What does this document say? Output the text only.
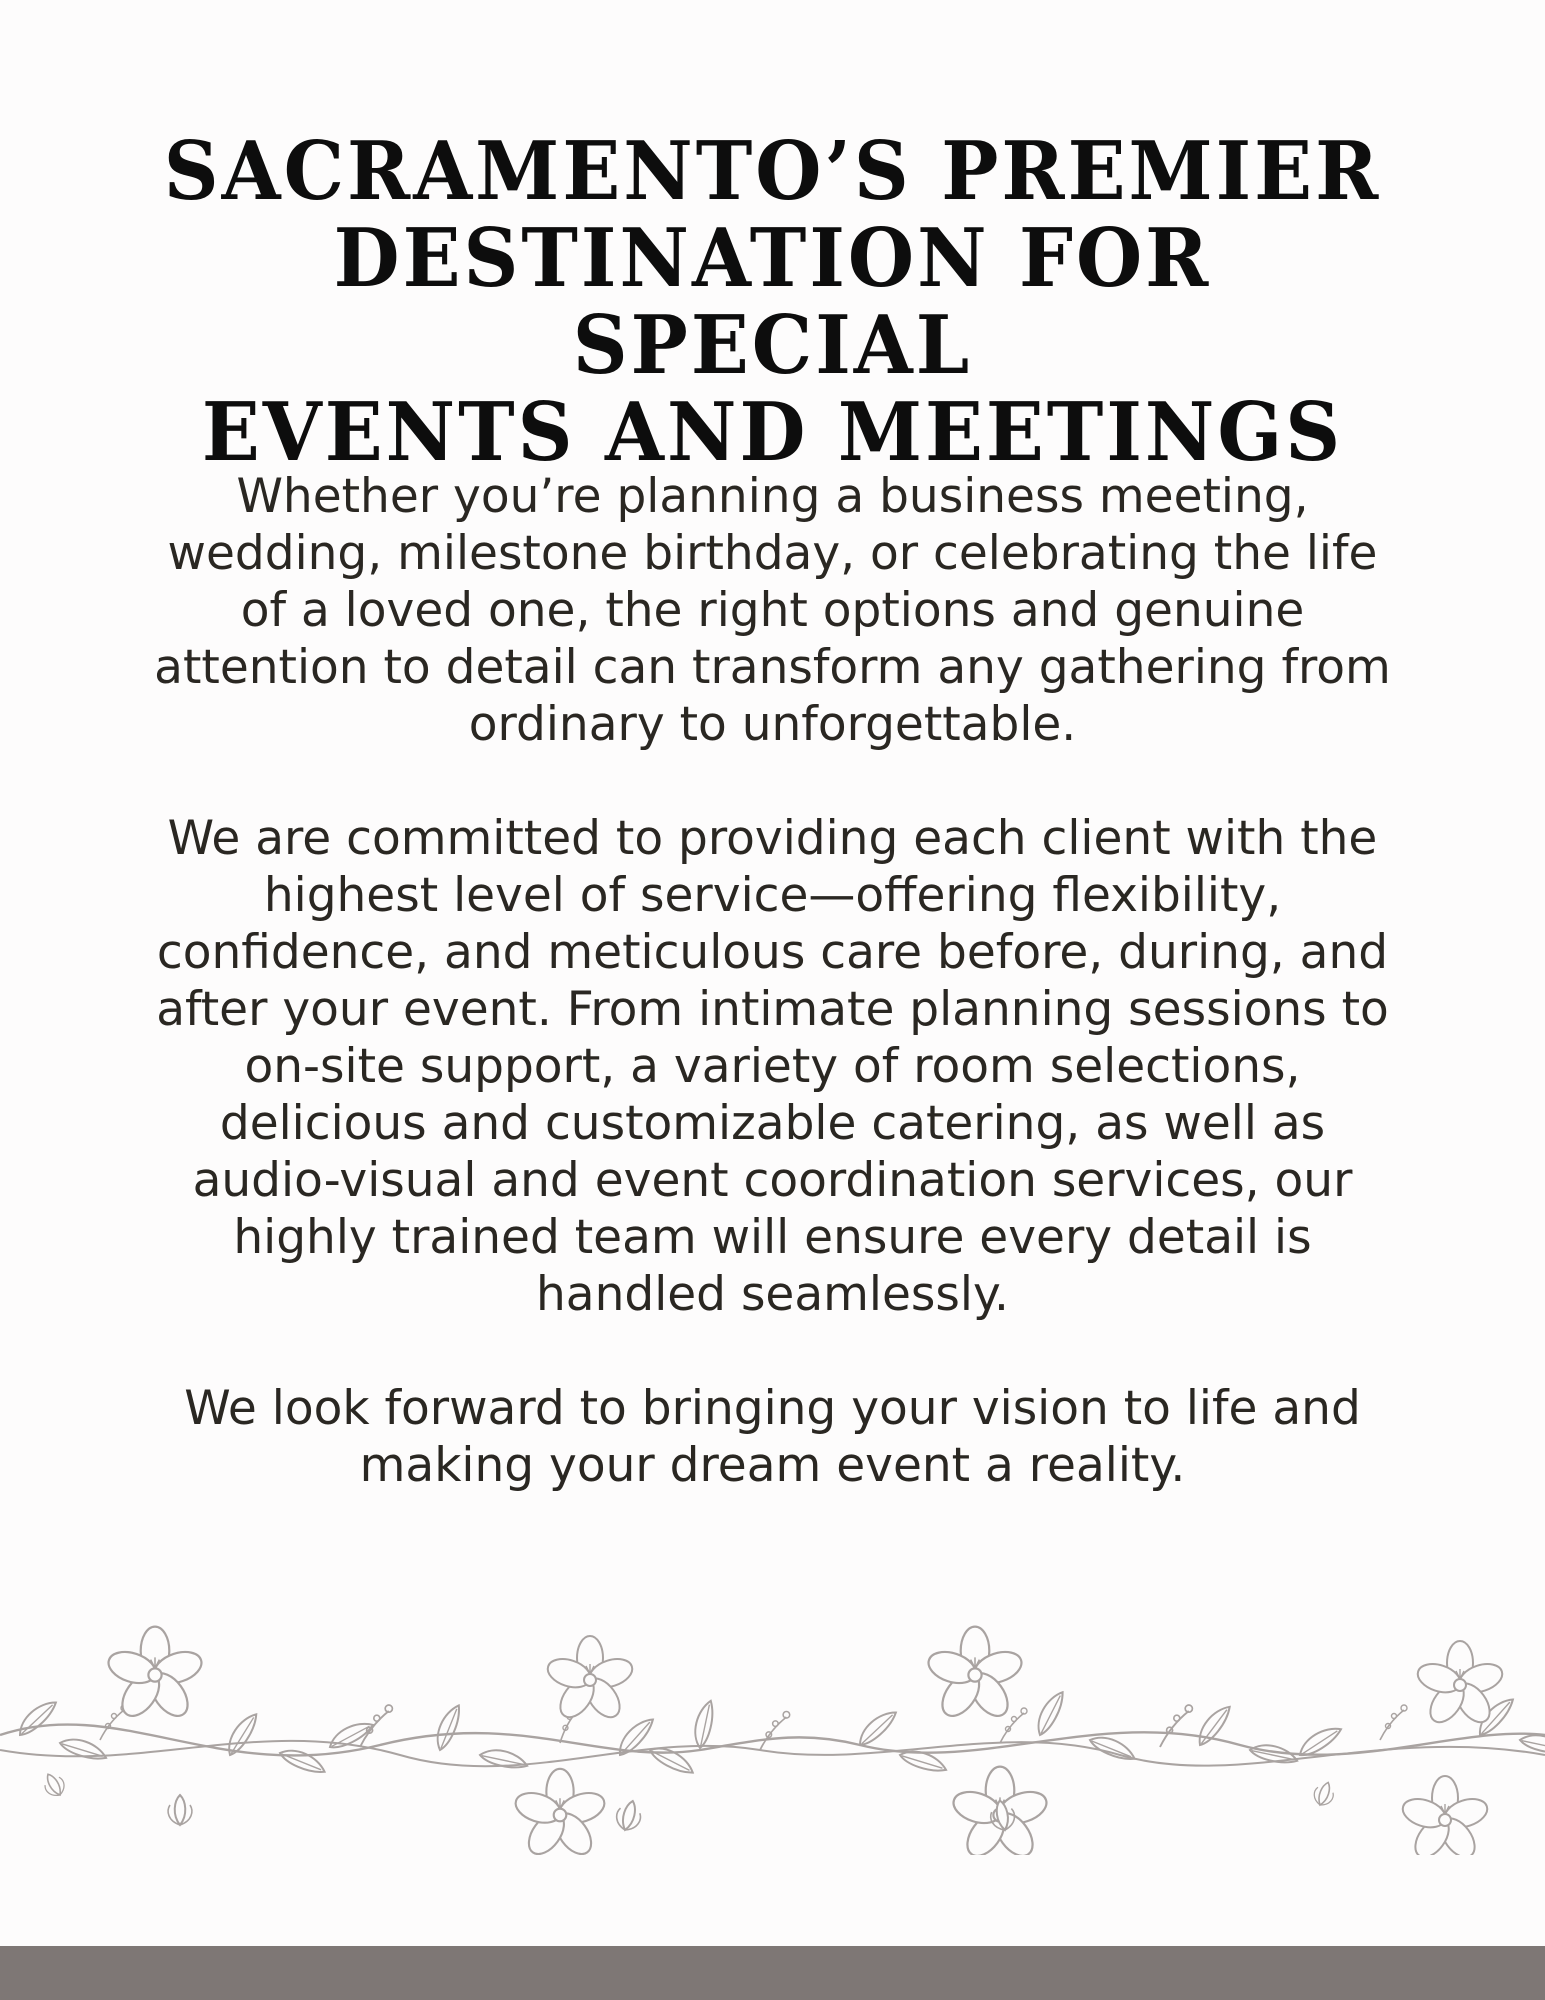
SACRAMENTO’S PREMIER
DESTINATION FOR SPECIAL
EVENTS AND MEETINGS

Whether you’re planning a business meeting,
wedding, milestone birthday, or celebrating the life
of a loved one, the right options and genuine
attention to detail can transform any gathering from
ordinary to unforgettable.

We are committed to providing each client with the
highest level of service—offering flexibility,
confidence, and meticulous care before, during, and
after your event. From intimate planning sessions to
on-site support, a variety of room selections,
delicious and customizable catering, as well as
audio-visual and event coordination services, our
highly trained team will ensure every detail is
handled seamlessly.

We look forward to bringing your vision to life and
making your dream event a reality.
